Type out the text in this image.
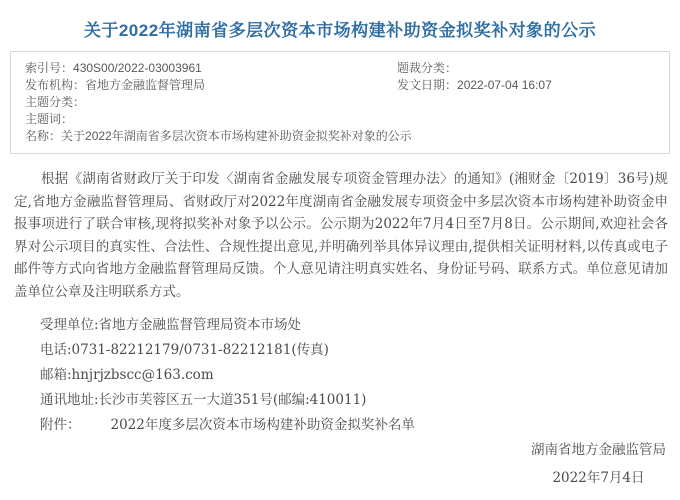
关于2022年湖南省多层次资本市场构建补助资金拟奖补对象的公示
索引号：430S00/2022-03003961	题裁分类：
发布机构：省地方金融监督管理局	发文日期：2022-07-04 16:07
主题分类：
主题词：
名称：关于2022年湖南省多层次资本市场构建补助资金拟奖补对象的公示

根据《湖南省财政厅关于印发〈湖南省金融发展专项资金管理办法〉的通知》(湘财金〔2019〕36号)规定,省地方金融监督管理局、省财政厅对2022年度湖南省金融发展专项资金中多层次资本市场构建补助资金申报事项进行了联合审核,现将拟奖补对象予以公示。公示期为2022年7月4日至7月8日。公示期间,欢迎社会各界对公示项目的真实性、合法性、合规性提出意见,并明确列举具体异议理由,提供相关证明材料,以传真或电子邮件等方式向省地方金融监督管理局反馈。个人意见请注明真实姓名、身份证号码、联系方式。单位意见请加盖单位公章及注明联系方式。

受理单位:省地方金融监督管理局资本市场处

电话:0731-82212179/0731-82212181(传真)

邮箱:hnjrjzbscc@163.com

通讯地址:长沙市芙蓉区五一大道351号(邮编:410011)

附件： 2022年度多层次资本市场构建补助资金拟奖补名单

湖南省地方金融监管局
2022年7月4日
